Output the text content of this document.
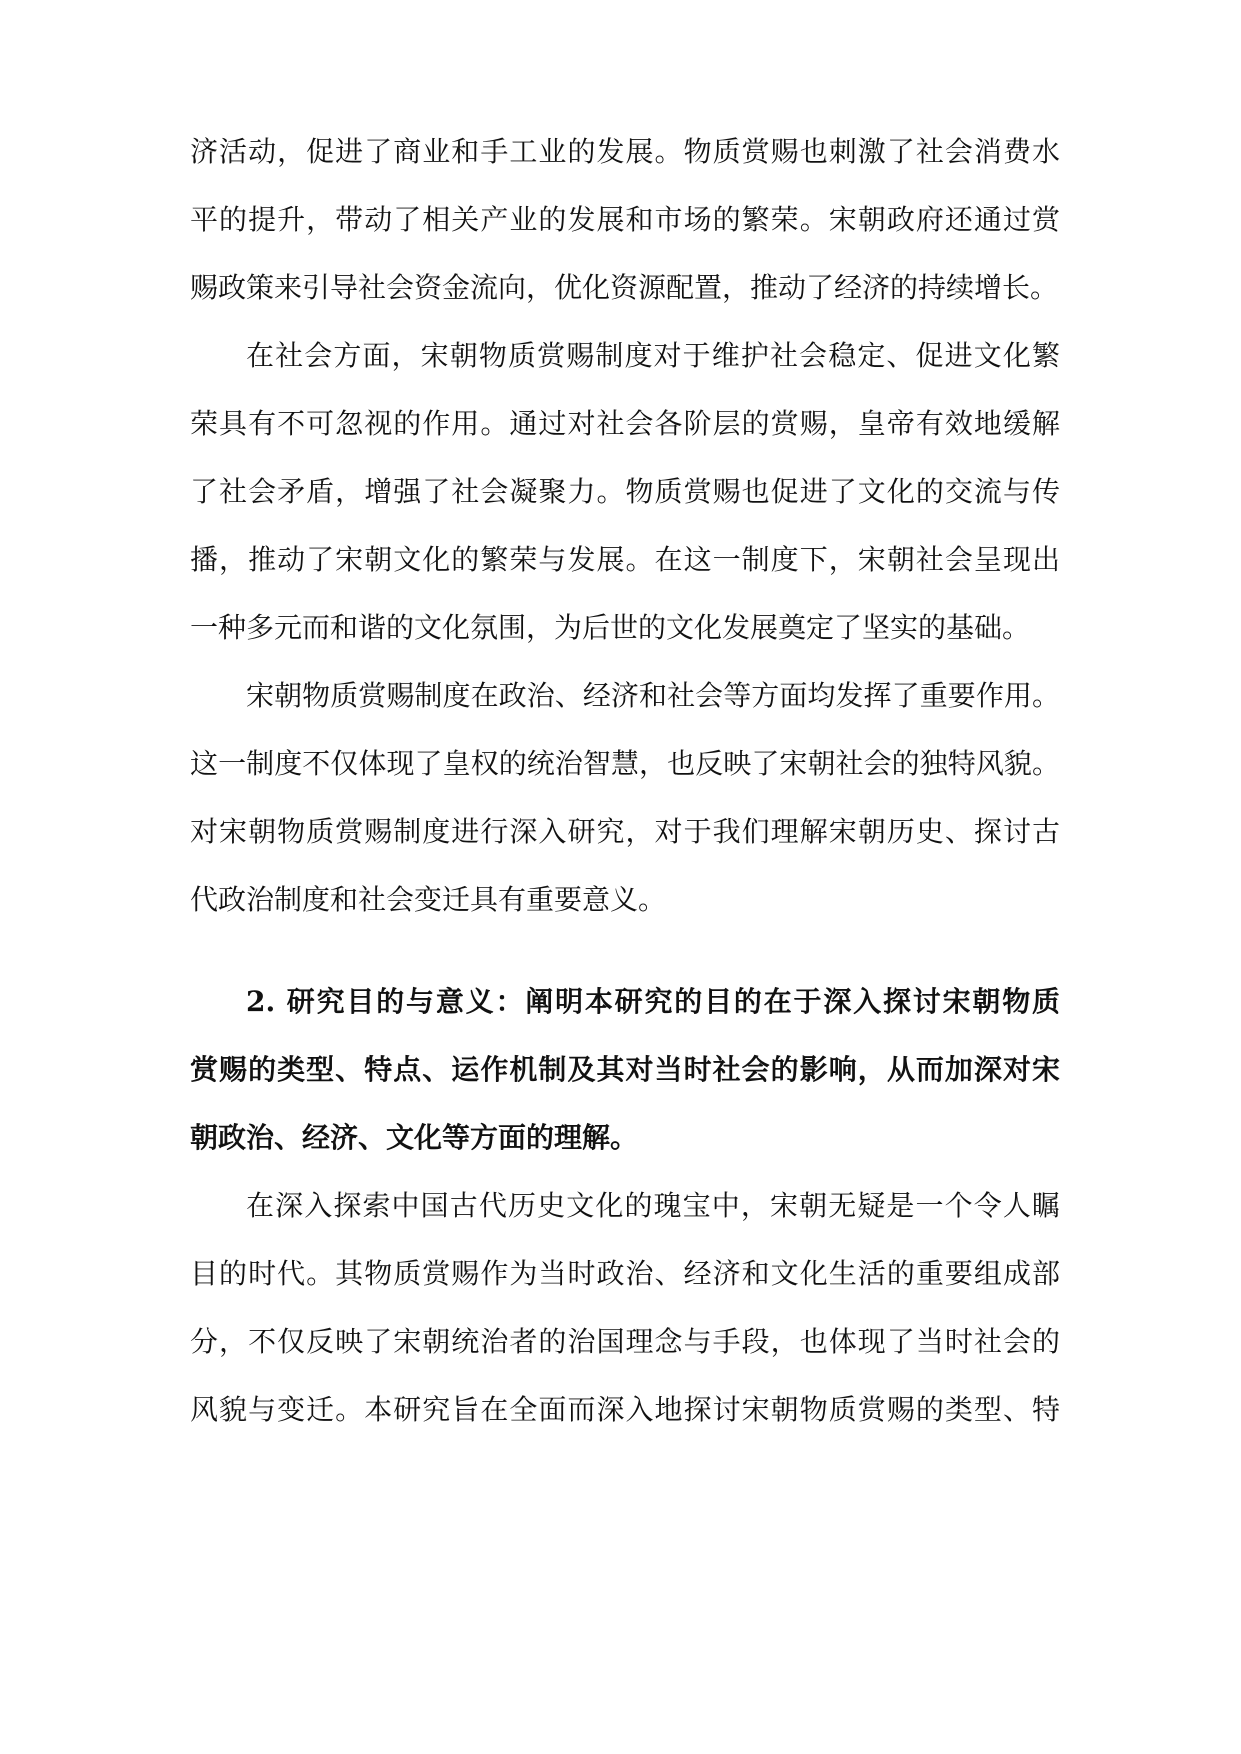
济活动，促进了商业和手工业的发展。物质赏赐也刺激了社会消费水
平的提升，带动了相关产业的发展和市场的繁荣。宋朝政府还通过赏
赐政策来引导社会资金流向，优化资源配置，推动了经济的持续增长。
在社会方面，宋朝物质赏赐制度对于维护社会稳定、促进文化繁
荣具有不可忽视的作用。通过对社会各阶层的赏赐，皇帝有效地缓解
了社会矛盾，增强了社会凝聚力。物质赏赐也促进了文化的交流与传
播，推动了宋朝文化的繁荣与发展。在这一制度下，宋朝社会呈现出
一种多元而和谐的文化氛围，为后世的文化发展奠定了坚实的基础。
宋朝物质赏赐制度在政治、经济和社会等方面均发挥了重要作用。
这一制度不仅体现了皇权的统治智慧，也反映了宋朝社会的独特风貌。
对宋朝物质赏赐制度进行深入研究，对于我们理解宋朝历史、探讨古
代政治制度和社会变迁具有重要意义。
2. 研究目的与意义：阐明本研究的目的在于深入探讨宋朝物质
赏赐的类型、特点、运作机制及其对当时社会的影响，从而加深对宋
朝政治、经济、文化等方面的理解。
在深入探索中国古代历史文化的瑰宝中，宋朝无疑是一个令人瞩
目的时代。其物质赏赐作为当时政治、经济和文化生活的重要组成部
分，不仅反映了宋朝统治者的治国理念与手段，也体现了当时社会的
风貌与变迁。本研究旨在全面而深入地探讨宋朝物质赏赐的类型、特
